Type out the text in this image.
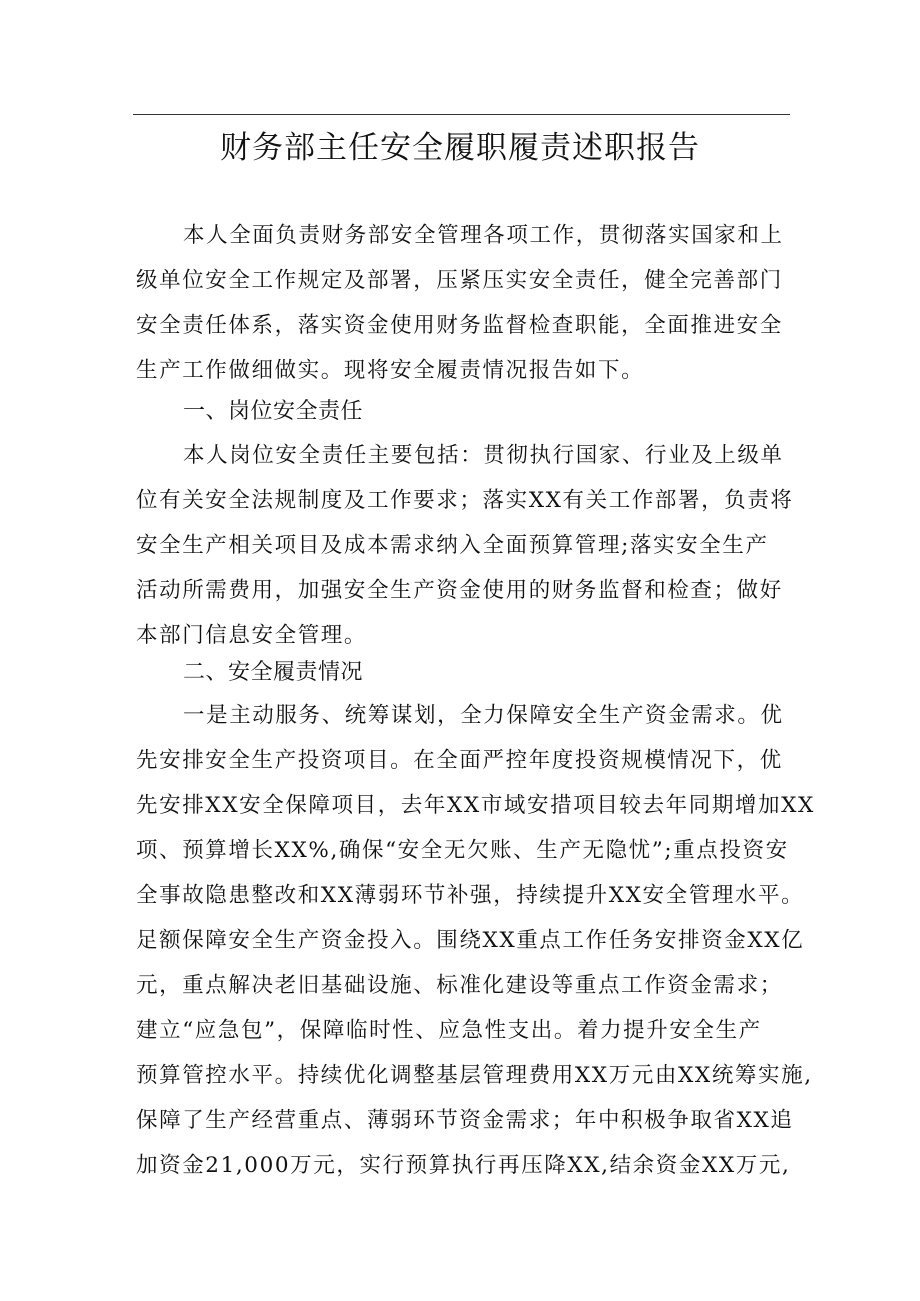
财务部主任安全履职履责述职报告
本人全面负责财务部安全管理各项工作，贯彻落实国家和上
级单位安全工作规定及部署，压紧压实安全责任，健全完善部门
安全责任体系，落实资金使用财务监督检查职能，全面推进安全
生产工作做细做实。现将安全履责情况报告如下。
一、岗位安全责任
本人岗位安全责任主要包括：贯彻执行国家、行业及上级单
位有关安全法规制度及工作要求；落实XX有关工作部署，负责将
安全生产相关项目及成本需求纳入全面预算管理;落实安全生产
活动所需费用，加强安全生产资金使用的财务监督和检查；做好
本部门信息安全管理。
二、安全履责情况
一是主动服务、统筹谋划，全力保障安全生产资金需求。优
先安排安全生产投资项目。在全面严控年度投资规模情况下，优
先安排XX安全保障项目，去年XX市域安措项目较去年同期增加XX
项、预算增长XX%,确保“安全无欠账、生产无隐忧”;重点投资安
全事故隐患整改和XX薄弱环节补强，持续提升XX安全管理水平。
足额保障安全生产资金投入。围绕XX重点工作任务安排资金XX亿
元，重点解决老旧基础设施、标准化建设等重点工作资金需求；
建立“应急包”，保障临时性、应急性支出。着力提升安全生产
预算管控水平。持续优化调整基层管理费用XX万元由XX统筹实施,
保障了生产经营重点、薄弱环节资金需求；年中积极争取省XX追
加资金21,000万元，实行预算执行再压降XX,结余资金XX万元,
